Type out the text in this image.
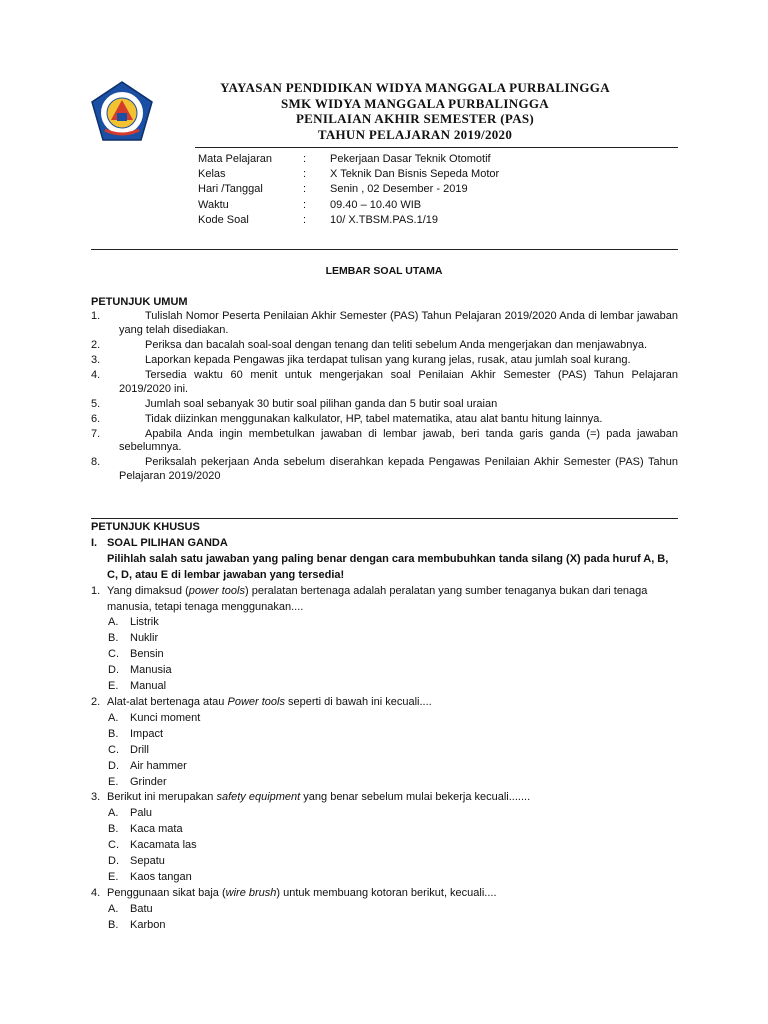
YAYASAN PENDIDIKAN WIDYA MANGGALA PURBALINGGA
SMK WIDYA MANGGALA PURBALINGGA
PENILAIAN AKHIR SEMESTER (PAS)
TAHUN PELAJARAN 2019/2020
Mata Pelajaran	:	Pekerjaan Dasar Teknik Otomotif
Kelas	:	X Teknik Dan Bisnis Sepeda Motor
Hari /Tanggal	:	Senin , 02 Desember - 2019
Waktu	:	09.40 – 10.40 WIB
Kode Soal	:	10/ X.TBSM.PAS.1/19
LEMBAR SOAL UTAMA
PETUNJUK UMUM
1.	Tulislah Nomor Peserta Penilaian Akhir Semester (PAS) Tahun Pelajaran 2019/2020 Anda di lembar jawaban yang telah disediakan.
2.	Periksa dan bacalah soal-soal dengan tenang dan teliti sebelum Anda mengerjakan dan menjawabnya.
3.	Laporkan kepada Pengawas jika terdapat tulisan yang kurang jelas, rusak, atau jumlah soal kurang.
4.	Tersedia waktu 60 menit untuk mengerjakan soal Penilaian Akhir Semester (PAS) Tahun Pelajaran 2019/2020 ini.
5.	Jumlah soal sebanyak 30 butir soal pilihan ganda dan 5 butir soal uraian
6.	Tidak diizinkan menggunakan kalkulator, HP, tabel matematika, atau alat bantu hitung lainnya.
7.	Apabila Anda ingin membetulkan jawaban di lembar jawab, beri tanda garis ganda (=) pada jawaban sebelumnya.
8.	Periksalah pekerjaan Anda sebelum diserahkan kepada Pengawas Penilaian Akhir Semester (PAS) Tahun Pelajaran 2019/2020
PETUNJUK KHUSUS
I. SOAL PILIHAN GANDA
Pilihlah salah satu jawaban yang paling benar dengan cara membubuhkan tanda silang (X) pada huruf A, B, C, D, atau E di lembar jawaban yang tersedia!
1. Yang dimaksud (power tools) peralatan bertenaga adalah peralatan yang sumber tenaganya bukan dari tenaga manusia, tetapi tenaga menggunakan....
A.	Listrik
B.	Nuklir
C.	Bensin
D.	Manusia
E.	Manual
2. Alat-alat bertenaga atau Power tools seperti di bawah ini kecuali....
A.	Kunci moment
B.	Impact
C.	Drill
D.	Air hammer
E.	Grinder
3. Berikut ini merupakan safety equipment yang benar sebelum mulai bekerja kecuali.......
A.	Palu
B.	Kaca mata
C.	Kacamata las
D.	Sepatu
E.	Kaos tangan
4. Penggunaan sikat baja (wire brush) untuk membuang kotoran berikut, kecuali....
A.	Batu
B.	Karbon
